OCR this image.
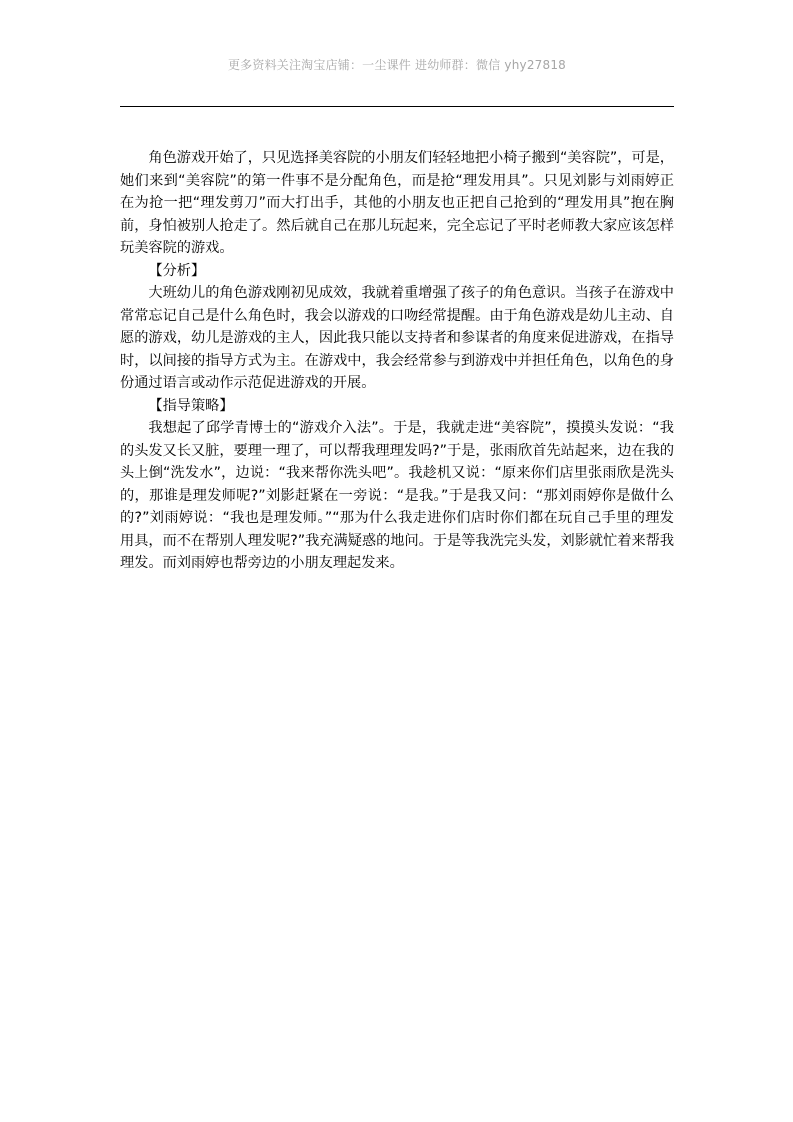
更多资料关注淘宝店铺：一尘课件 进幼师群：微信 yhy27818

角色游戏开始了，只见选择美容院的小朋友们轻轻地把小椅子搬到“美容院”，可是，她们来到“美容院”的第一件事不是分配角色，而是抢“理发用具”。只见刘影与刘雨婷正在为抢一把“理发剪刀”而大打出手，其他的小朋友也正把自己抢到的“理发用具”抱在胸前，身怕被别人抢走了。然后就自己在那儿玩起来，完全忘记了平时老师教大家应该怎样玩美容院的游戏。

【分析】

大班幼儿的角色游戏刚初见成效，我就着重增强了孩子的角色意识。当孩子在游戏中常常忘记自己是什么角色时，我会以游戏的口吻经常提醒。由于角色游戏是幼儿主动、自愿的游戏，幼儿是游戏的主人，因此我只能以支持者和参谋者的角度来促进游戏，在指导时，以间接的指导方式为主。在游戏中，我会经常参与到游戏中并担任角色，以角色的身份通过语言或动作示范促进游戏的开展。

【指导策略】

我想起了邱学青博士的“游戏介入法”。于是，我就走进“美容院”，摸摸头发说：“我的头发又长又脏，要理一理了，可以帮我理理发吗?”于是，张雨欣首先站起来，边在我的头上倒“洗发水”，边说：“我来帮你洗头吧”。我趁机又说：“原来你们店里张雨欣是洗头的，那谁是理发师呢?”刘影赶紧在一旁说：“是我。”于是我又问：“那刘雨婷你是做什么的?”刘雨婷说：“我也是理发师。”“那为什么我走进你们店时你们都在玩自己手里的理发用具，而不在帮别人理发呢?”我充满疑惑的地问。于是等我洗完头发，刘影就忙着来帮我理发。而刘雨婷也帮旁边的小朋友理起发来。
